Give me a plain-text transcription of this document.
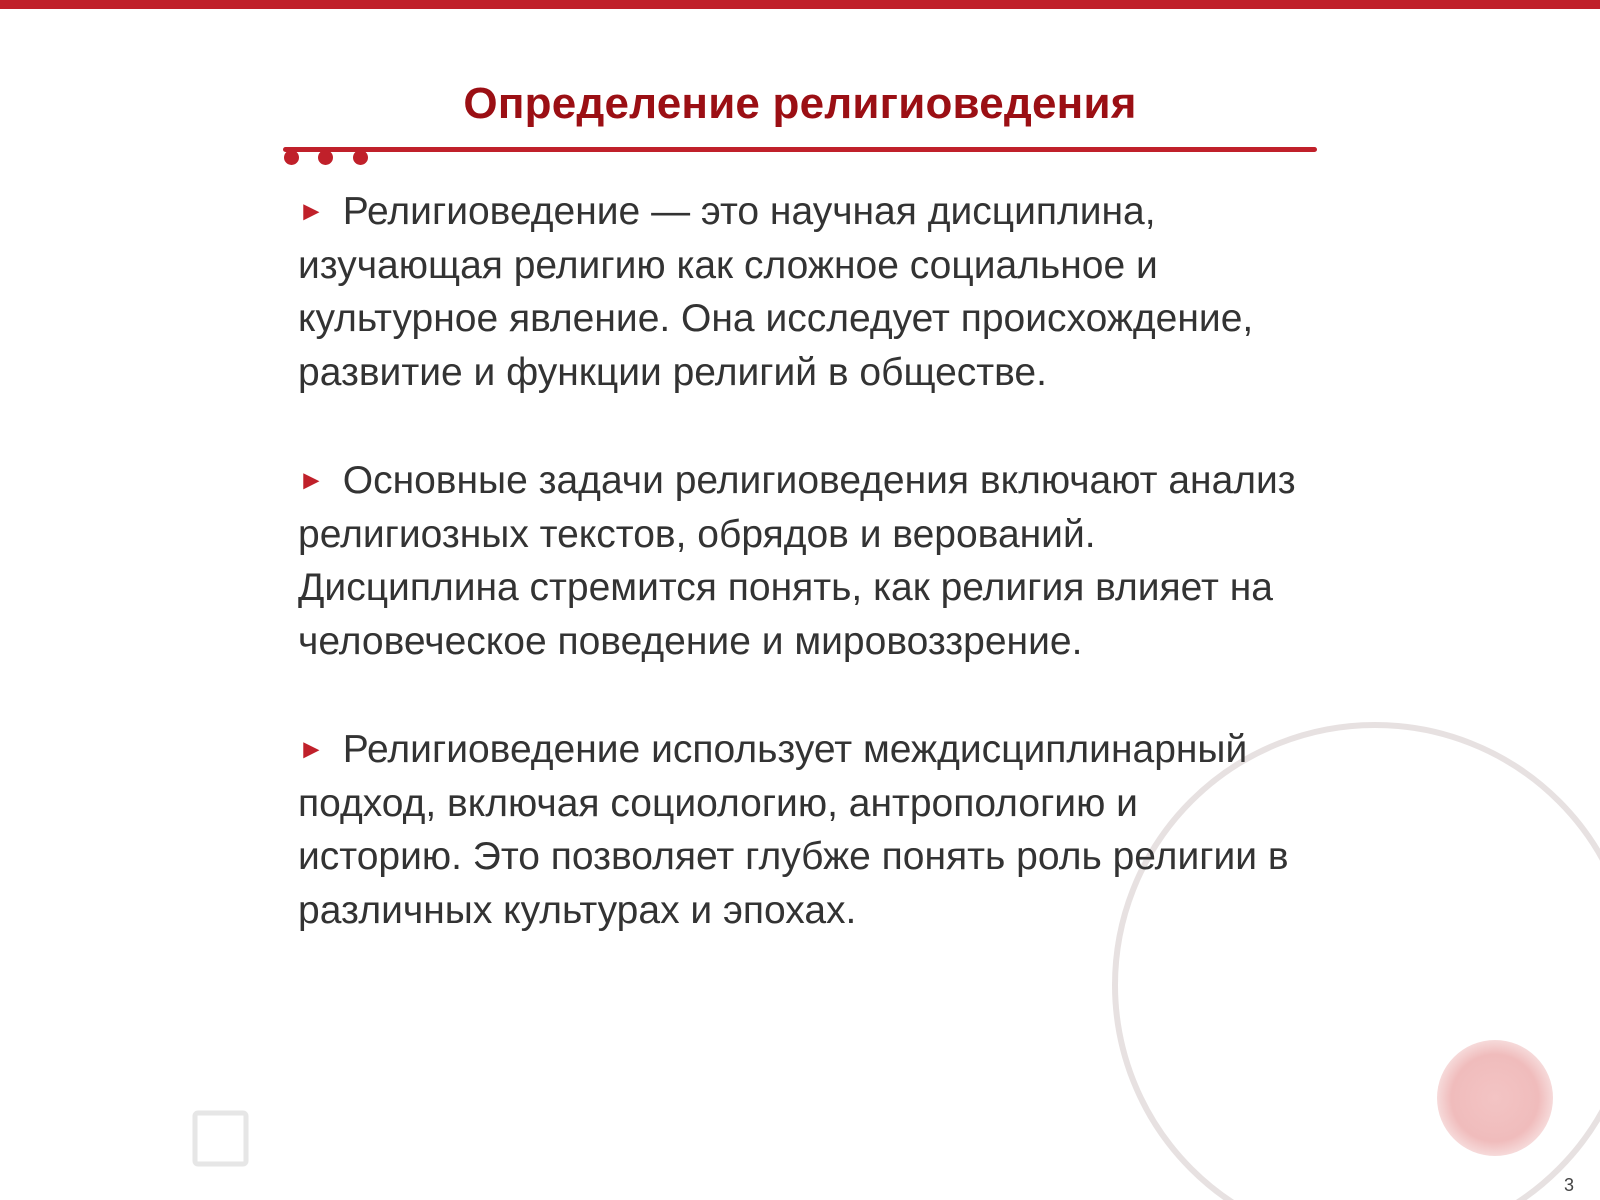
Определение религиоведения
► Религиоведение — это научная дисциплина, изучающая религию как сложное социальное и культурное явление. Она исследует происхождение, развитие и функции религий в обществе.
► Основные задачи религиоведения включают анализ религиозных текстов, обрядов и верований. Дисциплина стремится понять, как религия влияет на человеческое поведение и мировоззрение.
► Религиоведение использует междисциплинарный подход, включая социологию, антропологию и историю. Это позволяет глубже понять роль религии в различных культурах и эпохах.
3
